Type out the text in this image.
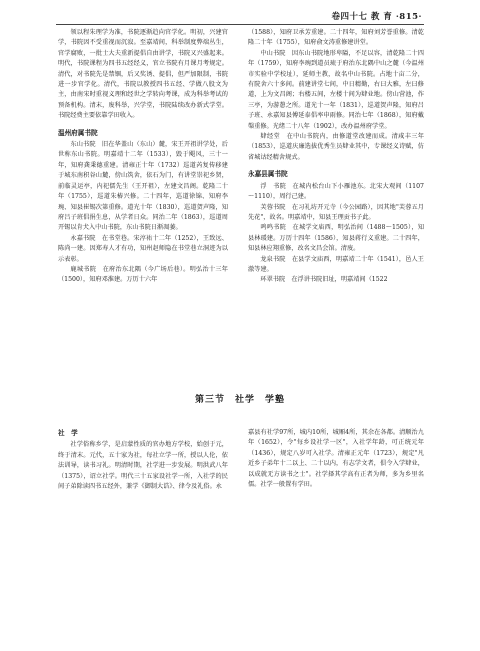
卷四十七 教 育 ·815·

领以程朱理学为准，书院逐渐趋向官学化。明初，兴建官学，书院因不受重视而沉寂。至嘉靖间，科举制度弊端丛生，官学腐败，一批士大夫重新提倡自由讲学，书院又兴盛起来。明代，书院课程为四书五经经义，官立书院有月课月考规定。清代，对书院先是禁锢，后又奖诱、提倡，但严加限制，书院进一步官学化。清代，书院以教授四书五经、学做八股文为主，由南宋时重视义理和经世之学转向考课，成为科举考试的预备机构。清末，废科举，兴学堂，书院陆续改办新式学堂。书院经费主要依靠学田收入。

温州府属书院

东山书院　旧在华盖山（东山）麓，宋王开祖讲学处，后世称东山书院。明嘉靖十二年（1533），毁于飓风，三十一年，知府龚秉德重建。清雍正十年（1732）巡道芮复传移建于城东南积谷山麓，傍山筑舍，依石为门，有讲堂崇祀乡贤，前临灵运亭，内祀儒先生（王开祖），左建文昌阁。乾隆二十年（1755），巡道朱椿兴修。二十四年，巡道徐锦、知府李琬、知县崔锡次第重修。道光十年（1830），巡道贺声隆，知府吕子班倡捐生息，从学者日众。同治二年（1863），巡道周开锡以肯犬入中山书院，东山书院日渐凋萎。

永嘉书院　在书堂巷。宋淳祐十二年（1252），王致远、陈尚一建。因郑寿人才有功，知州赵师隐在书堂巷立洞迹为以示表彰。

鹿城书院　在府治东北隅（今广场后巷）。明弘治十三年（1500），知府邓淮建。万历十六年

（1588），知府卫承芳重建。二十四年，知府刘芳誉重修。清乾隆二十年（1755），知府俞文涛重修建讲堂。

中山书院　因东山书院地形卑隘，不足以容，清乾隆二十四年（1759），知府李琬到道员琉于府治东北隅中山之麓（今温州市实验中学校址），延师主教，故名中山书院。占地十亩二分，有院舍六十多间。前建讲堂七间，中日精勤，右曰大雅，左曰修道，上为文昌阁；右楼五间，左楼十间为肄业地。傍山营池，作三亭，为游憩之所。道光十一年（1831），巡道贺声隆，知府吕子班、永嘉知县傅延泰倡率申雨修。同治七年（1868），知府戴槃重修。光绪二十八年（1902），改办温州府学堂。

肄经堂　在中山书院内，由修道堂改建而成。清咸丰三年（1853），巡道庆廉选拔优秀生员肄业其中，专课经义诗赋，仿省城诂经精舍规式。

永嘉县属书院

浮　书院　在城内松台山下小雁池东。北宋大观间（1107～1110），周行己建。

芙蓉书院　在习礼坊开元寺（今公园路），因其地"芙蓉五月先花"，故名。明嘉靖中，知县王理贡书子此。

鸣鸣书院　在城学文庙西，明弘治间（1488～1505），知县林瑗建。万历十四年（1586），知县蒋行义重建。二十四年，知县林应翔重修，改名文昌会馆。清废。

龙泉书院　在县学文庙西，明嘉靖二十年（1541），邑人王澈等建。

环翠书院　在浮讲书院旧址，明嘉靖间（1522

第三节　社学　学塾

社　学

社学俗称乡学，是启蒙性质的官办地方学校，始创于元，终于清末。元代，五十家为社，每社立学一所，授以人伦，依法训导，读书习礼。明清时期，社学进一步发展。明洪武八年（1375），诏立社学。明代三十五家设社学一所，入社学的民间子弟除读四书五经外，兼学《御制大诰》、律令及礼俗。永

嘉县有社学97所，城内10所，城厢4所，其余在各都。清顺治九年（1652），令"每乡设社学一区"，入社学年龄，可正统元年（1436），规定八岁可入社学。清雍正元年（1723），规定"凡近乡子弟年十二以上、二十以内，有志学文者，俱令入学肄业，以成就无方读书之士"。社学择其学高有正者为师，多为乡里名儒。社学一般置有学田。
